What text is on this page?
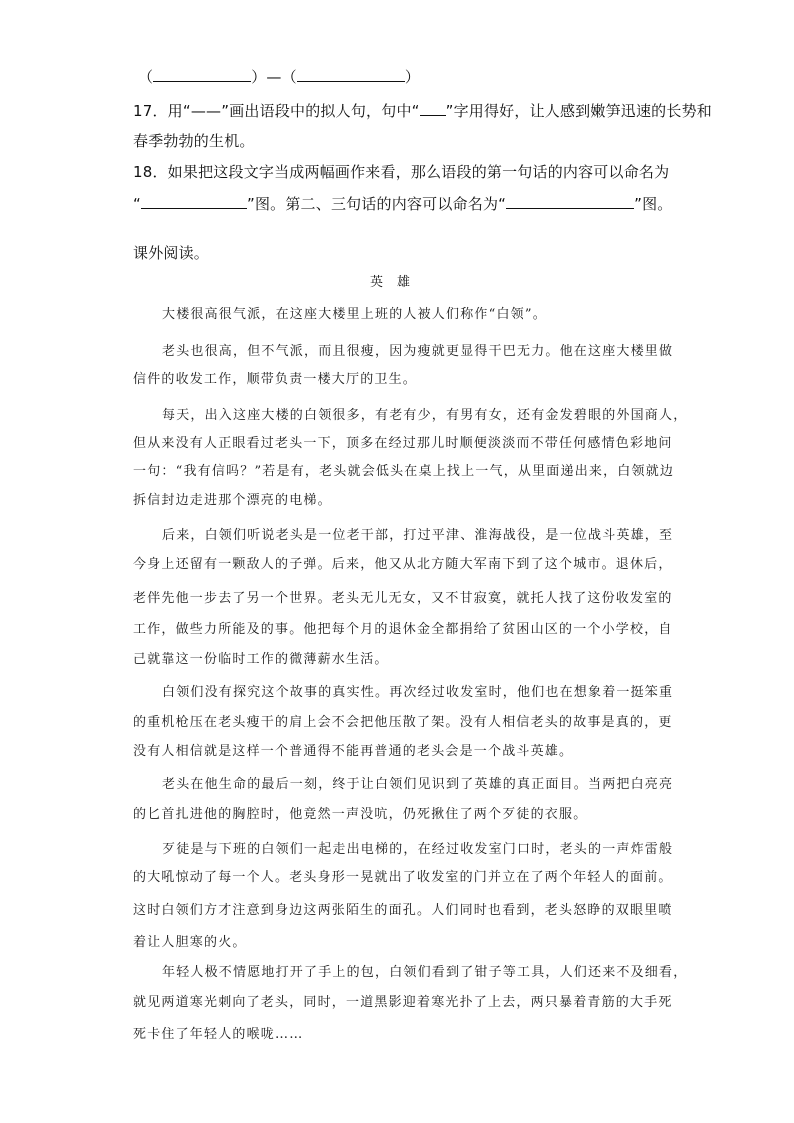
（	）—（	）
17．用“——”画出语段中的拟人句，句中“ ”字用得好，让人感到嫩笋迅速的长势和
春季勃勃的生机。
18．如果把这段文字当成两幅画作来看，那么语段的第一句话的内容可以命名为
“	”图。第二、三句话的内容可以命名为“	”图。
课外阅读。
英雄
大楼很高很气派，在这座大楼里上班的人被人们称作“白领”。
老头也很高，但不气派，而且很瘦，因为瘦就更显得干巴无力。他在这座大楼里做
信件的收发工作，顺带负责一楼大厅的卫生。
每天，出入这座大楼的白领很多，有老有少，有男有女，还有金发碧眼的外国商人，
但从来没有人正眼看过老头一下，顶多在经过那儿时顺便淡淡而不带任何感情色彩地问
一句：“我有信吗？”若是有，老头就会低头在桌上找上一气，从里面递出来，白领就边
拆信封边走进那个漂亮的电梯。
后来，白领们听说老头是一位老干部，打过平津、淮海战役，是一位战斗英雄，至
今身上还留有一颗敌人的子弹。后来，他又从北方随大军南下到了这个城市。退休后，
老伴先他一步去了另一个世界。老头无儿无女，又不甘寂寞，就托人找了这份收发室的
工作，做些力所能及的事。他把每个月的退休金全都捐给了贫困山区的一个小学校，自
己就靠这一份临时工作的微薄薪水生活。
白领们没有探究这个故事的真实性。再次经过收发室时，他们也在想象着一挺笨重
的重机枪压在老头瘦干的肩上会不会把他压散了架。没有人相信老头的故事是真的，更
没有人相信就是这样一个普通得不能再普通的老头会是一个战斗英雄。
老头在他生命的最后一刻，终于让白领们见识到了英雄的真正面目。当两把白亮亮
的匕首扎进他的胸腔时，他竟然一声没吭，仍死揪住了两个歹徒的衣服。
歹徒是与下班的白领们一起走出电梯的，在经过收发室门口时，老头的一声炸雷般
的大吼惊动了每一个人。老头身形一晃就出了收发室的门并立在了两个年轻人的面前。
这时白领们方才注意到身边这两张陌生的面孔。人们同时也看到，老头怒睁的双眼里喷
着让人胆寒的火。
年轻人极不情愿地打开了手上的包，白领们看到了钳子等工具，人们还来不及细看，
就见两道寒光刺向了老头，同时，一道黑影迎着寒光扑了上去，两只暴着青筋的大手死
死卡住了年轻人的喉咙……
